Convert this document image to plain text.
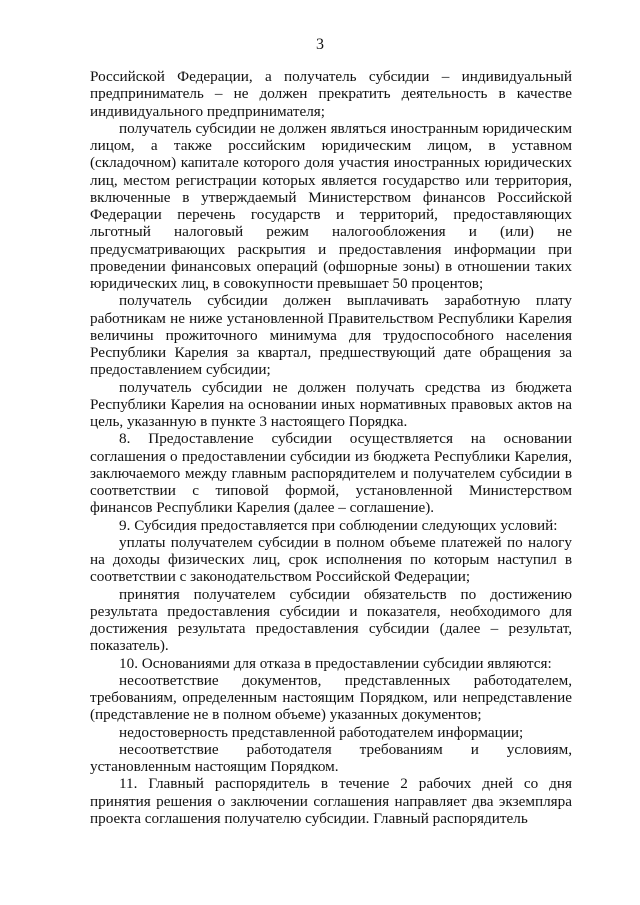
3

Российской Федерации, а получатель субсидии – индивидуальный предприниматель – не должен прекратить деятельность в качестве индивидуального предпринимателя;

получатель субсидии не должен являться иностранным юридическим лицом, а также российским юридическим лицом, в уставном (складочном) капитале которого доля участия иностранных юридических лиц, местом регистрации которых является государство или территория, включенные в утверждаемый Министерством финансов Российской Федерации перечень государств и территорий, предоставляющих льготный налоговый режим налогообложения и (или) не предусматривающих раскрытия и предоставления информации при проведении финансовых операций (офшорные зоны) в отношении таких юридических лиц, в совокупности превышает 50 процентов;

получатель субсидии должен выплачивать заработную плату работникам не ниже установленной Правительством Республики Карелия величины прожиточного минимума для трудоспособного населения Республики Карелия за квартал, предшествующий дате обращения за предоставлением субсидии;

получатель субсидии не должен получать средства из бюджета Республики Карелия на основании иных нормативных правовых актов на цель, указанную в пункте 3 настоящего Порядка.

8. Предоставление субсидии осуществляется на основании соглашения о предоставлении субсидии из бюджета Республики Карелия, заключаемого между главным распорядителем и получателем субсидии в соответствии с типовой формой, установленной Министерством финансов Республики Карелия (далее – соглашение).

9. Субсидия предоставляется при соблюдении следующих условий:

уплаты получателем субсидии в полном объеме платежей по налогу на доходы физических лиц, срок исполнения по которым наступил в соответствии с законодательством Российской Федерации;

принятия получателем субсидии обязательств по достижению результата предоставления субсидии и показателя, необходимого для достижения результата предоставления субсидии (далее – результат, показатель).

10. Основаниями для отказа в предоставлении субсидии являются:

несоответствие документов, представленных работодателем, требованиям, определенным настоящим Порядком, или непредставление (представление не в полном объеме) указанных документов;

недостоверность представленной работодателем информации;

несоответствие работодателя требованиям и условиям, установленным настоящим Порядком.

11. Главный распорядитель в течение 2 рабочих дней со дня принятия решения о заключении соглашения направляет два экземпляра проекта соглашения получателю субсидии. Главный распорядитель
